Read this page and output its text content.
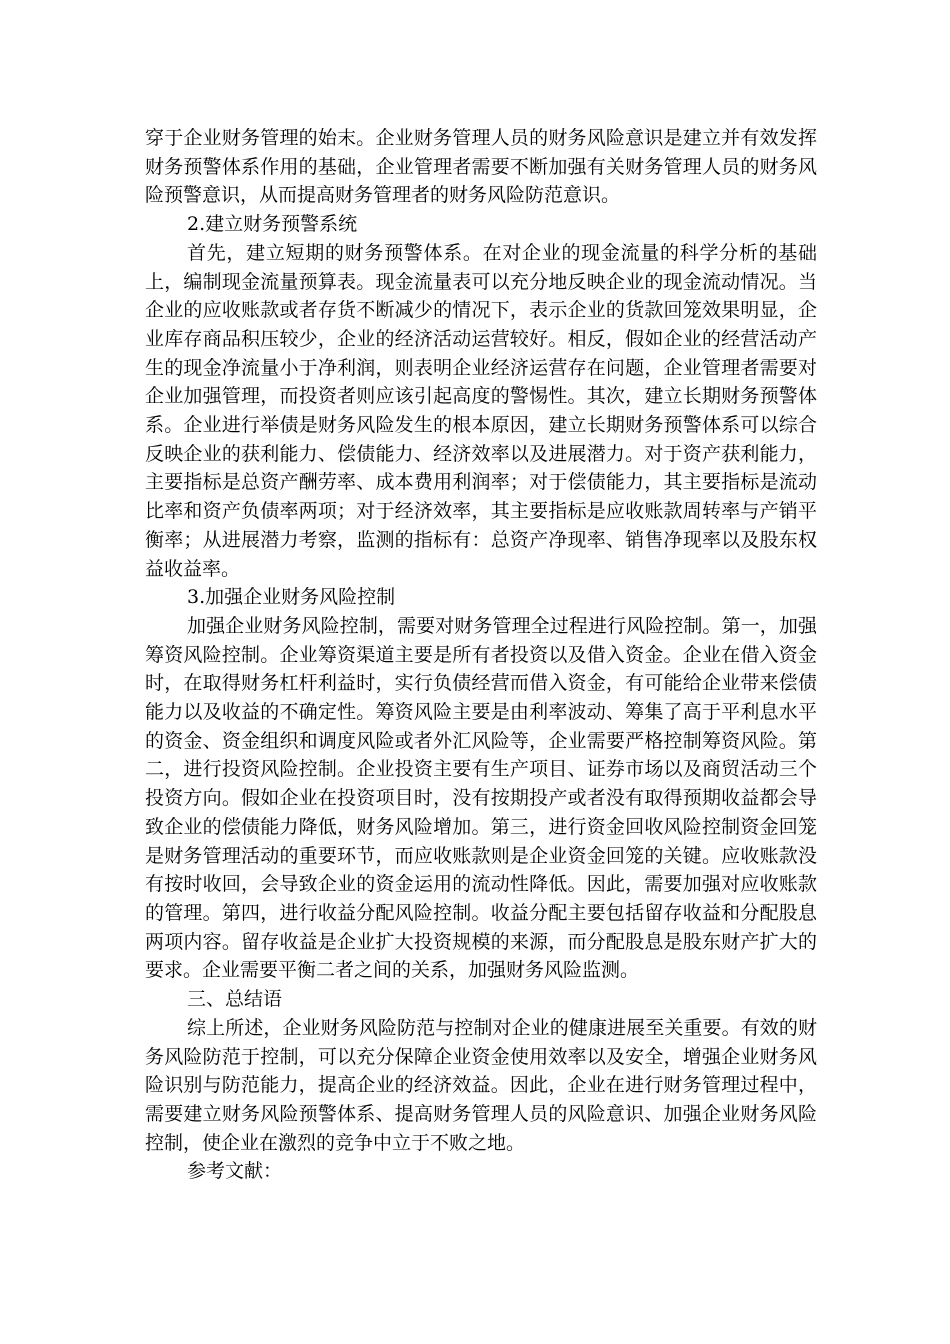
穿于企业财务管理的始末。企业财务管理人员的财务风险意识是建立并有效发挥财务预警体系作用的基础，企业管理者需要不断加强有关财务管理人员的财务风险预警意识，从而提高财务管理者的财务风险防范意识。

2.建立财务预警系统

首先，建立短期的财务预警体系。在对企业的现金流量的科学分析的基础上，编制现金流量预算表。现金流量表可以充分地反映企业的现金流动情况。当企业的应收账款或者存货不断减少的情况下，表示企业的货款回笼效果明显，企业库存商品积压较少，企业的经济活动运营较好。相反，假如企业的经营活动产生的现金净流量小于净利润，则表明企业经济运营存在问题，企业管理者需要对企业加强管理，而投资者则应该引起高度的警惕性。其次，建立长期财务预警体系。企业进行举债是财务风险发生的根本原因，建立长期财务预警体系可以综合反映企业的获利能力、偿债能力、经济效率以及进展潜力。对于资产获利能力，主要指标是总资产酬劳率、成本费用利润率；对于偿债能力，其主要指标是流动比率和资产负债率两项；对于经济效率，其主要指标是应收账款周转率与产销平衡率；从进展潜力考察，监测的指标有：总资产净现率、销售净现率以及股东权益收益率。

3.加强企业财务风险控制

加强企业财务风险控制，需要对财务管理全过程进行风险控制。第一，加强筹资风险控制。企业筹资渠道主要是所有者投资以及借入资金。企业在借入资金时，在取得财务杠杆利益时，实行负债经营而借入资金，有可能给企业带来偿债能力以及收益的不确定性。筹资风险主要是由利率波动、筹集了高于平利息水平的资金、资金组织和调度风险或者外汇风险等，企业需要严格控制筹资风险。第二，进行投资风险控制。企业投资主要有生产项目、证券市场以及商贸活动三个投资方向。假如企业在投资项目时，没有按期投产或者没有取得预期收益都会导致企业的偿债能力降低，财务风险增加。第三，进行资金回收风险控制资金回笼是财务管理活动的重要环节，而应收账款则是企业资金回笼的关键。应收账款没有按时收回，会导致企业的资金运用的流动性降低。因此，需要加强对应收账款的管理。第四，进行收益分配风险控制。收益分配主要包括留存收益和分配股息两项内容。留存收益是企业扩大投资规模的来源，而分配股息是股东财产扩大的要求。企业需要平衡二者之间的关系，加强财务风险监测。

三、总结语

综上所述，企业财务风险防范与控制对企业的健康进展至关重要。有效的财务风险防范于控制，可以充分保障企业资金使用效率以及安全，增强企业财务风险识别与防范能力，提高企业的经济效益。因此，企业在进行财务管理过程中，需要建立财务风险预警体系、提高财务管理人员的风险意识、加强企业财务风险控制，使企业在激烈的竞争中立于不败之地。

参考文献：
